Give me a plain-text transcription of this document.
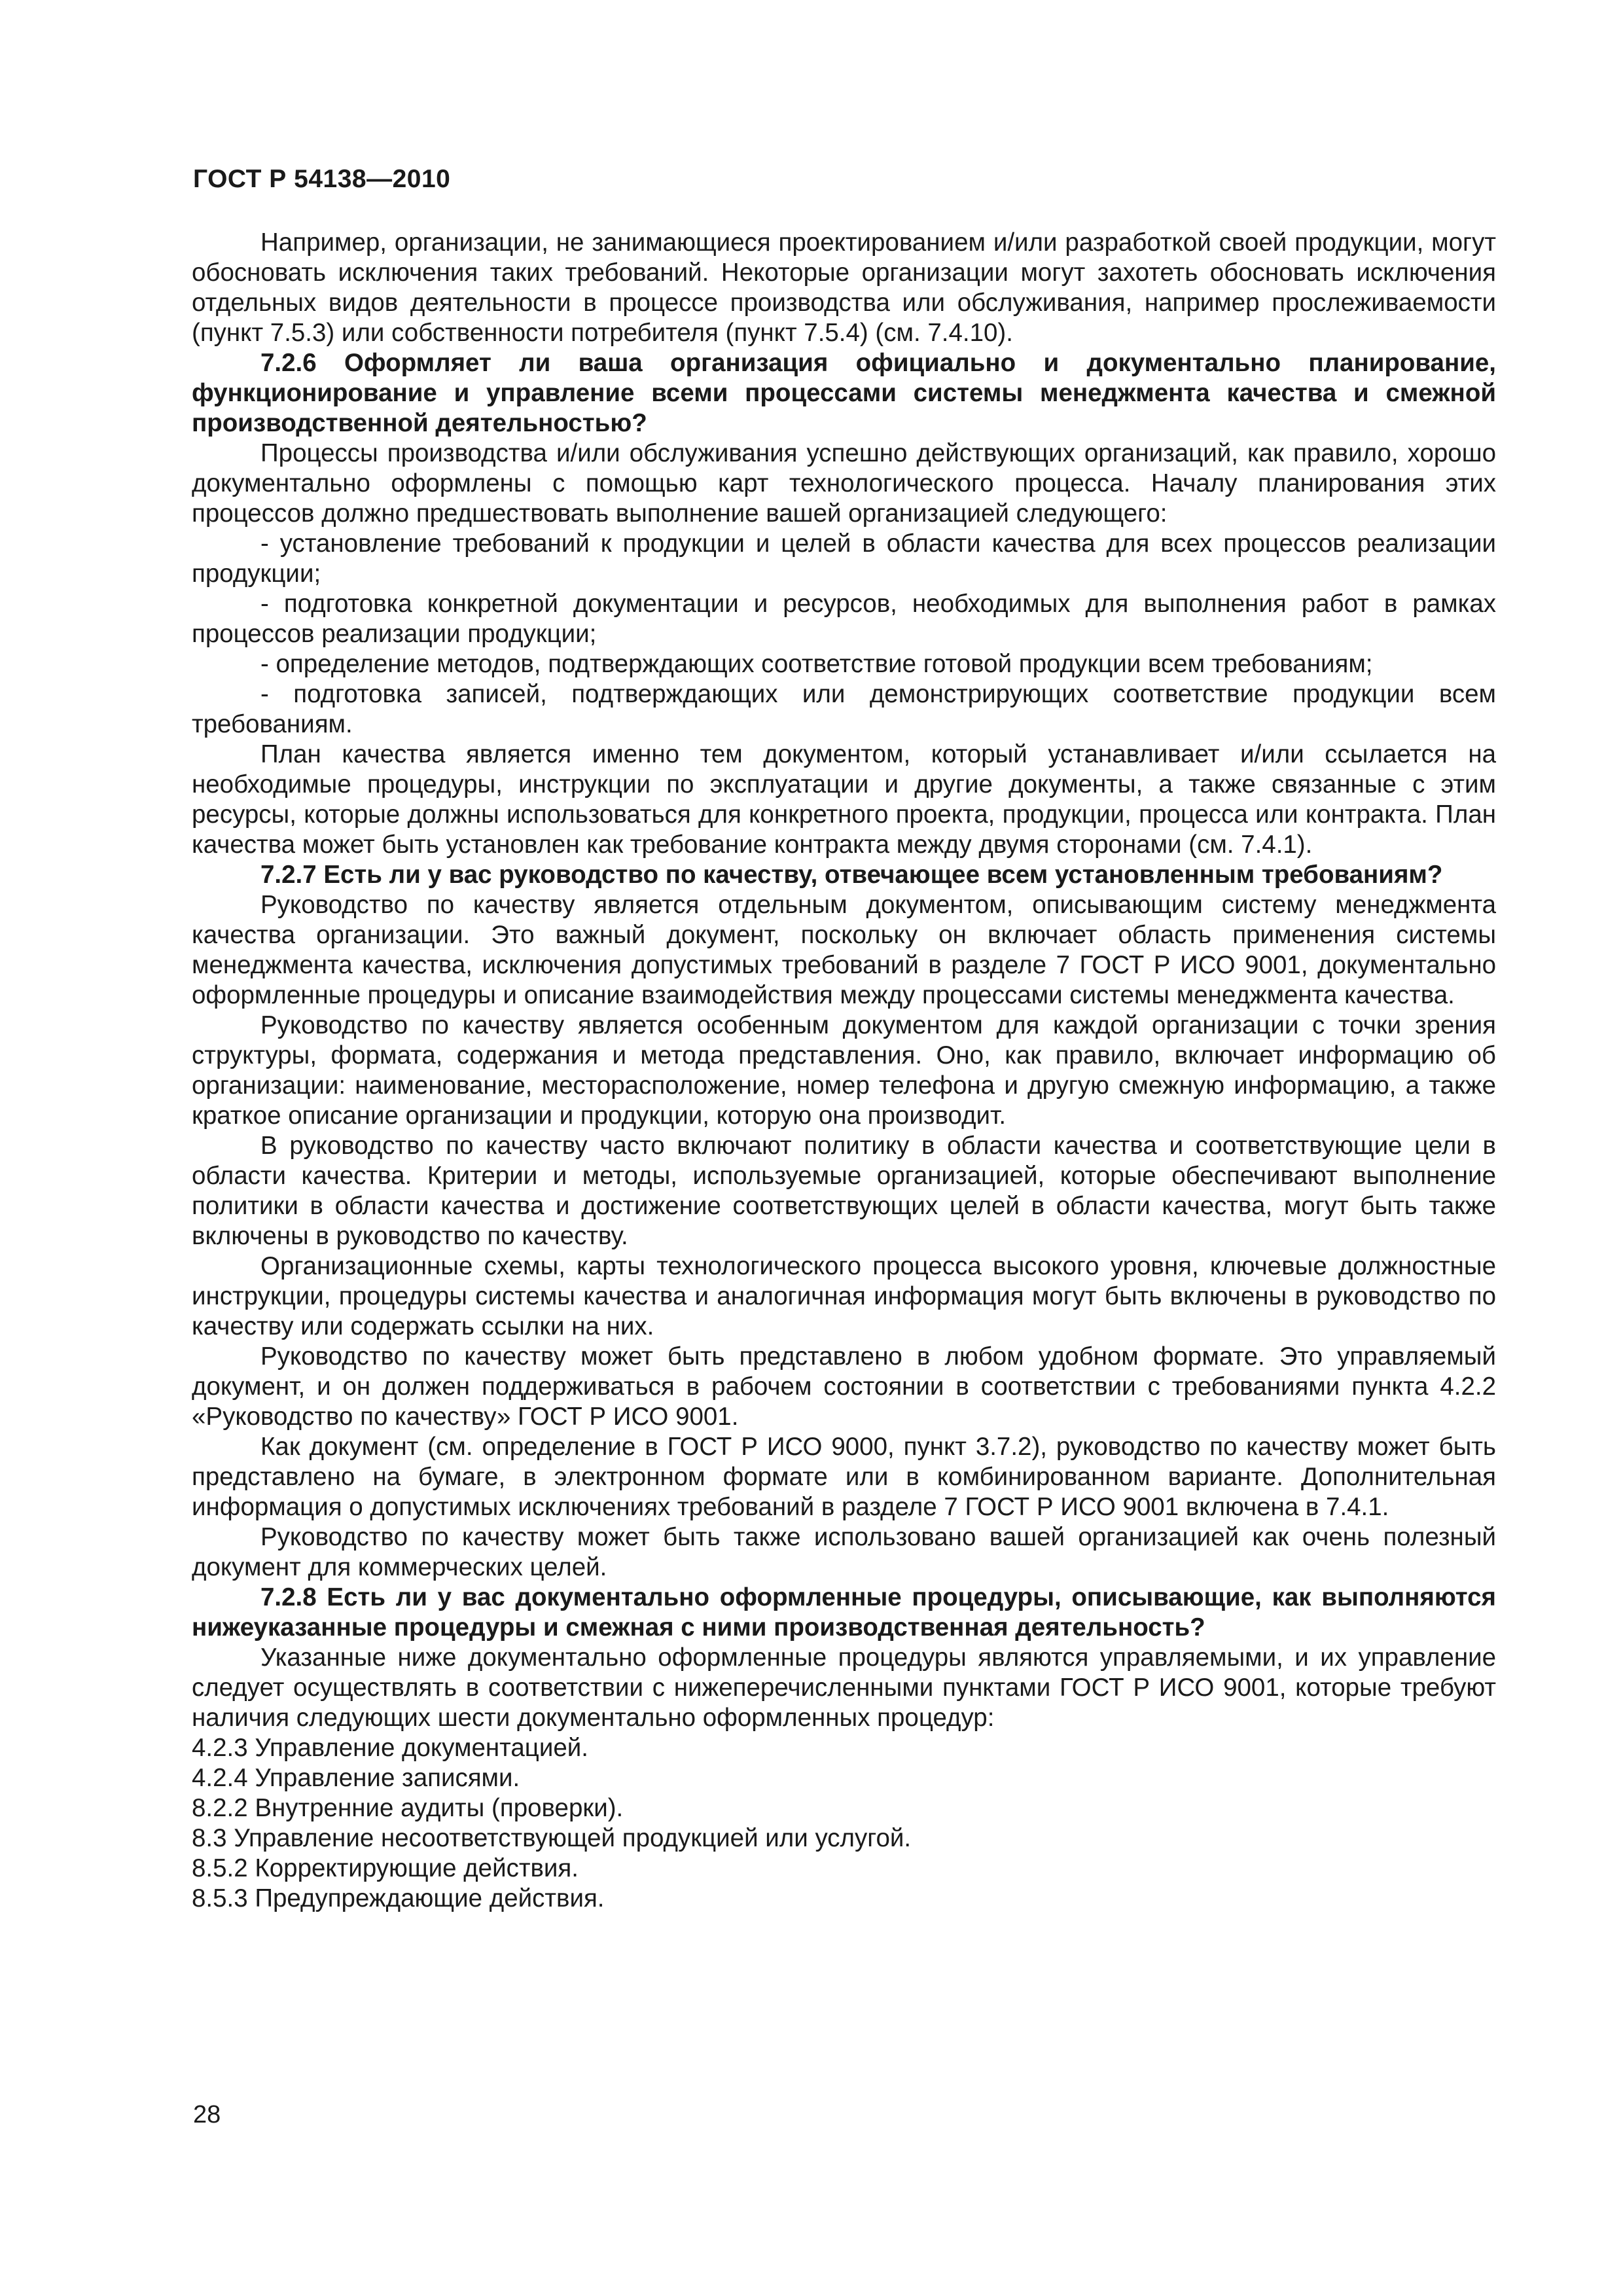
ГОСТ Р 54138—2010

Например, организации, не занимающиеся проектированием и/или разработкой своей продукции, могут обосновать исключения таких требований. Некоторые организации могут захотеть обосновать исключения отдельных видов деятельности в процессе производства или обслуживания, например прослеживаемости (пункт 7.5.3) или собственности потребителя (пункт 7.5.4) (см. 7.4.10).

7.2.6 Оформляет ли ваша организация официально и документально планирование, функционирование и управление всеми процессами системы менеджмента качества и смежной производственной деятельностью?

Процессы производства и/или обслуживания успешно действующих организаций, как правило, хорошо документально оформлены с помощью карт технологического процесса. Началу планирования этих процессов должно предшествовать выполнение вашей организацией следующего:

- установление требований к продукции и целей в области качества для всех процессов реализации продукции;

- подготовка конкретной документации и ресурсов, необходимых для выполнения работ в рамках процессов реализации продукции;

- определение методов, подтверждающих соответствие готовой продукции всем требованиям;

- подготовка записей, подтверждающих или демонстрирующих соответствие продукции всем требованиям.

План качества является именно тем документом, который устанавливает и/или ссылается на необходимые процедуры, инструкции по эксплуатации и другие документы, а также связанные с этим ресурсы, которые должны использоваться для конкретного проекта, продукции, процесса или контракта. План качества может быть установлен как требование контракта между двумя сторонами (см. 7.4.1).

7.2.7 Есть ли у вас руководство по качеству, отвечающее всем установленным требованиям?

Руководство по качеству является отдельным документом, описывающим систему менеджмента качества организации. Это важный документ, поскольку он включает область применения системы менеджмента качества, исключения допустимых требований в разделе 7 ГОСТ Р ИСО 9001, документально оформленные процедуры и описание взаимодействия между процессами системы менеджмента качества.

Руководство по качеству является особенным документом для каждой организации с точки зрения структуры, формата, содержания и метода представления. Оно, как правило, включает информацию об организации: наименование, месторасположение, номер телефона и другую смежную информацию, а также краткое описание организации и продукции, которую она производит.

В руководство по качеству часто включают политику в области качества и соответствующие цели в области качества. Критерии и методы, используемые организацией, которые обеспечивают выполнение политики в области качества и достижение соответствующих целей в области качества, могут быть также включены в руководство по качеству.

Организационные схемы, карты технологического процесса высокого уровня, ключевые должностные инструкции, процедуры системы качества и аналогичная информация могут быть включены в руководство по качеству или содержать ссылки на них.

Руководство по качеству может быть представлено в любом удобном формате. Это управляемый документ, и он должен поддерживаться в рабочем состоянии в соответствии с требованиями пункта 4.2.2 «Руководство по качеству» ГОСТ Р ИСО 9001.

Как документ (см. определение в ГОСТ Р ИСО 9000, пункт 3.7.2), руководство по качеству может быть представлено на бумаге, в электронном формате или в комбинированном варианте. Дополнительная информация о допустимых исключениях требований в разделе 7 ГОСТ Р ИСО 9001 включена в 7.4.1.

Руководство по качеству может быть также использовано вашей организацией как очень полезный документ для коммерческих целей.

7.2.8 Есть ли у вас документально оформленные процедуры, описывающие, как выполняются нижеуказанные процедуры и смежная с ними производственная деятельность?

Указанные ниже документально оформленные процедуры являются управляемыми, и их управление следует осуществлять в соответствии с нижеперечисленными пунктами ГОСТ Р ИСО 9001, которые требуют наличия следующих шести документально оформленных процедур:

4.2.3 Управление документацией.

4.2.4 Управление записями.

8.2.2 Внутренние аудиты (проверки).

8.3 Управление несоответствующей продукцией или услугой.

8.5.2 Корректирующие действия.

8.5.3 Предупреждающие действия.

28
